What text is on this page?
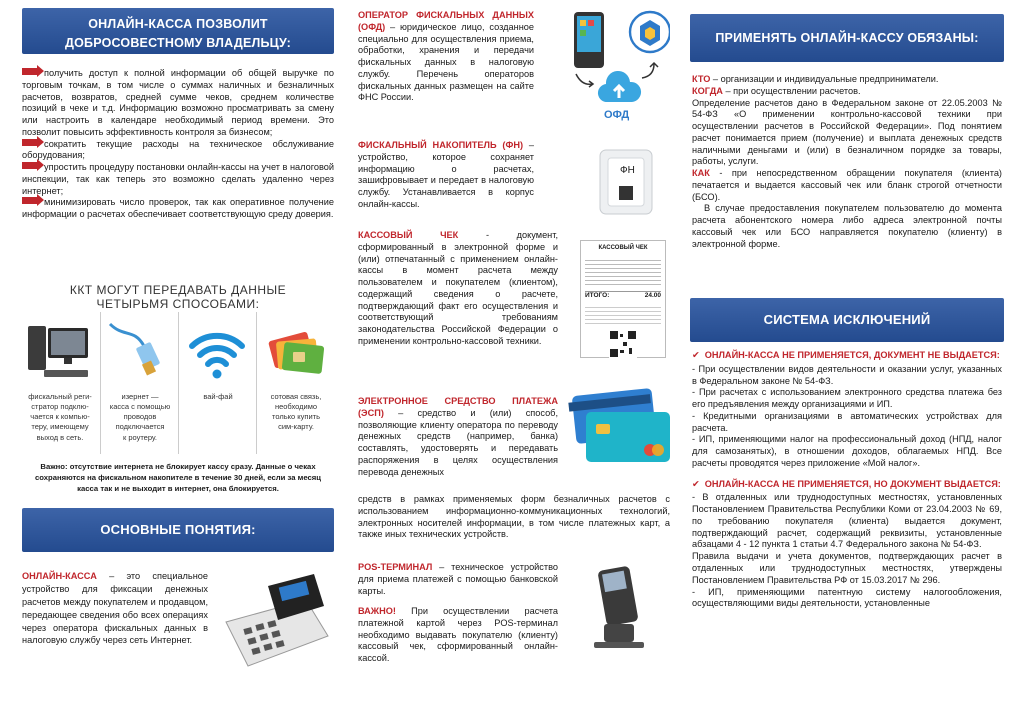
ОНЛАЙН-КАССА ПОЗВОЛИТ
ДОБРОСОВЕСТНОМУ ВЛАДЕЛЬЦУ:

получить доступ к полной информации об общей выручке по торговым точкам, в том числе о суммах наличных и безналичных расчетов, возвратов, средней сумме чеков, среднем количестве позиций в чеке и т.д. Информацию возможно просматривать за смену или настроить в календаре необходимый период времени. Это позволит повысить эффективность контроля за бизнесом;

сократить текущие расходы на техническое обслуживание оборудования;

упростить процедуру постановки онлайн-кассы на учет в налоговой инспекции, так как теперь это возможно сделать удаленно через интернет;

минимизировать число проверок, так как оперативное получение информации о расчетах обеспечивает соответствующую среду доверия.

ККТ МОГУТ ПЕРЕДАВАТЬ ДАННЫЕ
ЧЕТЫРЬМЯ СПОСОБАМИ:
фискальный реги-
стратор подклю-
чается к компью-
теру, имеющему
выход в сеть.
изернет —
касса с помощью
проводов
подключается
к роутеру.
вай-фай	сотовая связь,
необходимо
только купить
сим-карту.

Важно: отсутствие интернета не блокирует кассу сразу. Данные о чеках сохраняются на фискальном накопителе в течение 30 дней, если за месяц касса так и не выходит в интернет, она блокируется.

ОСНОВНЫЕ ПОНЯТИЯ:

ОНЛАЙН-КАССА – это специальное устройство для фиксации денежных расчетов между покупателем и продавцом, передающее сведения обо всех операциях через оператора фискальных данных в налоговую службу через сеть Интернет.

ОПЕРАТОР ФИСКАЛЬНЫХ ДАННЫХ (ОФД) – юридическое лицо, созданное специально для осуществления приема, обработки, хранения и передачи фискальных данных в налоговую службу. Перечень операторов фискальных данных размещен на сайте ФНС России.

ОФД

ФИСКАЛЬНЫЙ НАКОПИТЕЛЬ (ФН) – устройство, которое сохраняет информацию о расчетах, зашифровывает и передает в налоговую службу. Устанавливается в корпус онлайн-кассы.

ФН

КАССОВЫЙ ЧЕК - документ, сформированный в электронной форме и (или) отпечатанный с применением онлайн-кассы в момент расчета между пользователем и покупателем (клиентом), содержащий сведения о расчете, подтверждающий факт его осуществления и соответствующий требованиям законодательства Российской Федерации о применении контрольно-кассовой техники.

КАССОВЫЙ ЧЕК
ИТОГО:	24.00

ЭЛЕКТРОННОЕ СРЕДСТВО ПЛАТЕЖА (ЭСП) – средство и (или) способ, позволяющие клиенту оператора по переводу денежных средств (например, банка) составлять, удостоверять и передавать распоряжения в целях осуществления перевода денежных

средств в рамках применяемых форм безналичных расчетов с использованием информационно-коммуникационных технологий, электронных носителей информации, в том числе платежных карт, а также иных технических устройств.

POS-ТЕРМИНАЛ – техническое устройство для приема платежей с помощью банковской карты.

ВАЖНО! При осуществлении расчета платежной картой через POS-терминал необходимо выдавать покупателю (клиенту) кассовый чек, сформированный онлайн-кассой.

ПРИМЕНЯТЬ ОНЛАЙН-КАССУ ОБЯЗАНЫ:

КТО – организации и индивидуальные предприниматели.

КОГДА – при осуществлении расчетов.

Определение расчетов дано в Федеральном законе от 22.05.2003 № 54-ФЗ «О применении контрольно-кассовой техники при осуществлении расчетов в Российской Федерации». Под понятием расчет понимается прием (получение) и выплата денежных средств наличными деньгами и (или) в безналичном порядке за товары, работы, услуги.

КАК - при непосредственном обращении покупателя (клиента) печатается и выдается кассовый чек или бланк строгой отчетности (БСО).

В случае предоставления покупателем пользователю до момента расчета абонентского номера либо адреса электронной почты кассовый чек или БСО направляется покупателю (клиенту) в электронной форме.

СИСТЕМА ИСКЛЮЧЕНИЙ

✔ ОНЛАЙН-КАССА НЕ ПРИМЕНЯЕТСЯ, ДОКУМЕНТ НЕ ВЫДАЕТСЯ:

- При осуществлении видов деятельности и оказании услуг, указанных в Федеральном законе № 54-ФЗ.

- При расчетах с использованием электронного средства платежа без его предъявления между организациями и ИП.

- Кредитными организациями в автоматических устройствах для расчета.

- ИП, применяющими налог на профессиональный доход (НПД, налог для самозанятых), в отношении доходов, облагаемых НПД. Все расчеты проводятся через приложение «Мой налог».

✔ ОНЛАЙН-КАССА НЕ ПРИМЕНЯЕТСЯ, НО ДОКУМЕНТ ВЫДАЕТСЯ:

- В отдаленных или труднодоступных местностях, установленных Постановлением Правительства Республики Коми от 23.04.2003 № 69, по требованию покупателя (клиента) выдается документ, подтверждающий расчет, содержащий реквизиты, установленные абзацами 4 - 12 пункта 1 статьи 4.7 Федерального закона № 54-ФЗ.

Правила выдачи и учета документов, подтверждающих расчет в отдаленных или труднодоступных местностях, утверждены Постановлением Правительства РФ от 15.03.2017 № 296.

- ИП, применяющими патентную систему налогообложения, осуществляющими виды деятельности, установленные
